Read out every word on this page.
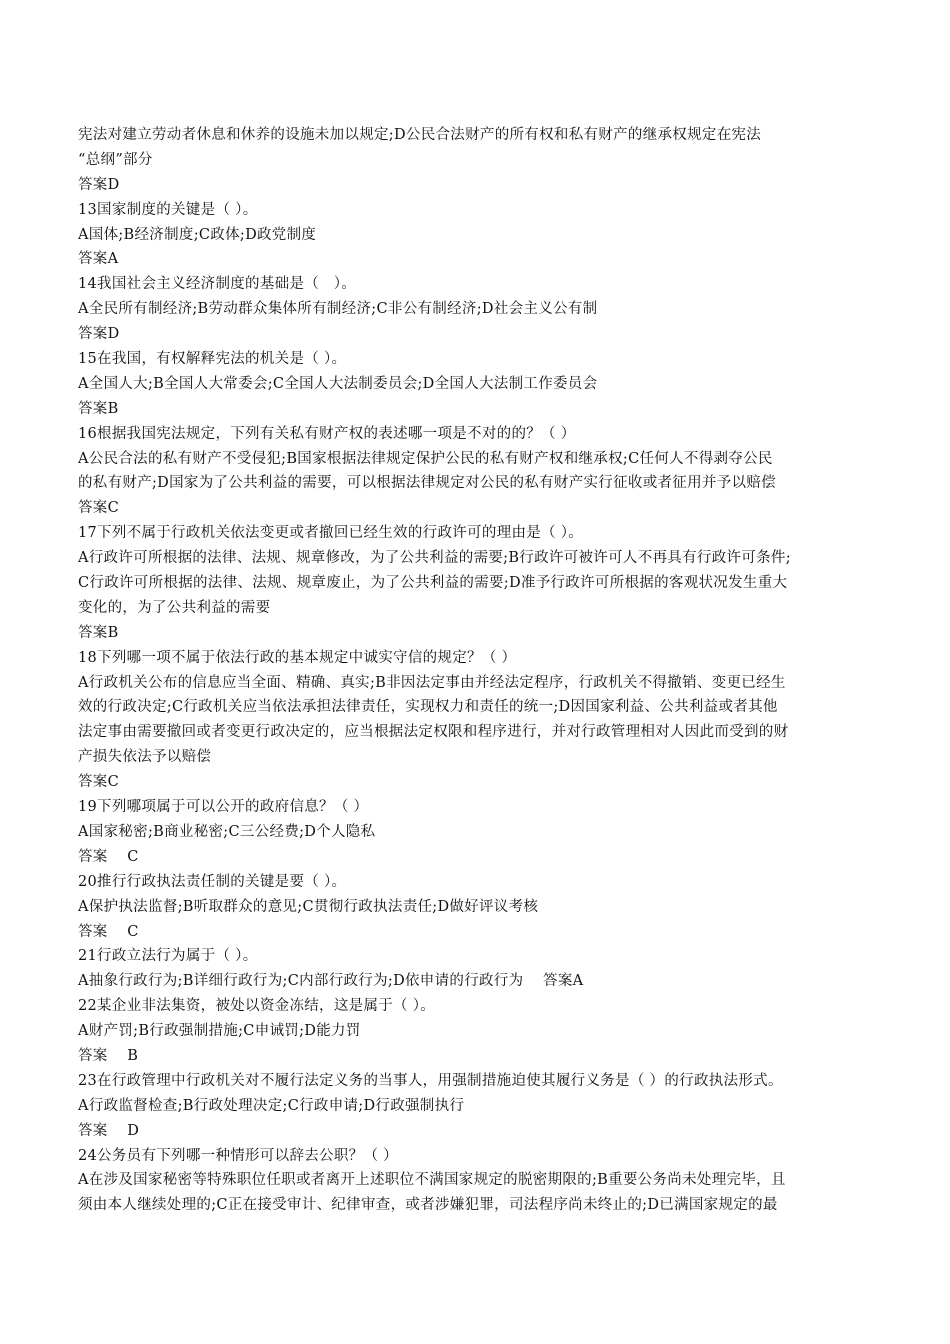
宪法对建立劳动者休息和休养的设施未加以规定;D公民合法财产的所有权和私有财产的继承权规定在宪法
“总纲”部分
答案D
13国家制度的关键是（ ）。
A国体;B经济制度;C政体;D政党制度
答案A
14我国社会主义经济制度的基础是（   ）。
A全民所有制经济;B劳动群众集体所有制经济;C非公有制经济;D社会主义公有制
答案D
15在我国，有权解释宪法的机关是（ ）。
A全国人大;B全国人大常委会;C全国人大法制委员会;D全国人大法制工作委员会
答案B
16根据我国宪法规定，下列有关私有财产权的表述哪一项是不对的的？（ ）
A公民合法的私有财产不受侵犯;B国家根据法律规定保护公民的私有财产权和继承权;C任何人不得剥夺公民
的私有财产;D国家为了公共利益的需要，可以根据法律规定对公民的私有财产实行征收或者征用并予以赔偿
答案C
17下列不属于行政机关依法变更或者撤回已经生效的行政许可的理由是（ ）。
A行政许可所根据的法律、法规、规章修改，为了公共利益的需要;B行政许可被许可人不再具有行政许可条件;
C行政许可所根据的法律、法规、规章废止，为了公共利益的需要;D准予行政许可所根据的客观状况发生重大
变化的，为了公共利益的需要
答案B
18下列哪一项不属于依法行政的基本规定中诚实守信的规定？（ ）
A行政机关公布的信息应当全面、精确、真实;B非因法定事由并经法定程序，行政机关不得撤销、变更已经生
效的行政决定;C行政机关应当依法承担法律责任，实现权力和责任的统一;D因国家利益、公共利益或者其他
法定事由需要撤回或者变更行政决定的，应当根据法定权限和程序进行，并对行政管理相对人因此而受到的财
产损失依法予以赔偿
答案C
19下列哪项属于可以公开的政府信息？（ ）
A国家秘密;B商业秘密;C三公经费;D个人隐私
答案    C
20推行行政执法责任制的关键是要（ ）。
A保护执法监督;B听取群众的意见;C贯彻行政执法责任;D做好评议考核
答案    C
21行政立法行为属于（ ）。
A抽象行政行为;B详细行政行为;C内部行政行为;D依申请的行政行为    答案A
22某企业非法集资，被处以资金冻结，这是属于（ ）。
A财产罚;B行政强制措施;C申诫罚;D能力罚
答案    B
23在行政管理中行政机关对不履行法定义务的当事人，用强制措施迫使其履行义务是（ ）的行政执法形式。
A行政监督检查;B行政处理决定;C行政申请;D行政强制执行
答案    D
24公务员有下列哪一种情形可以辞去公职？（ ）
A在涉及国家秘密等特殊职位任职或者离开上述职位不满国家规定的脱密期限的;B重要公务尚未处理完毕，且
须由本人继续处理的;C正在接受审计、纪律审查，或者涉嫌犯罪，司法程序尚未终止的;D已满国家规定的最
